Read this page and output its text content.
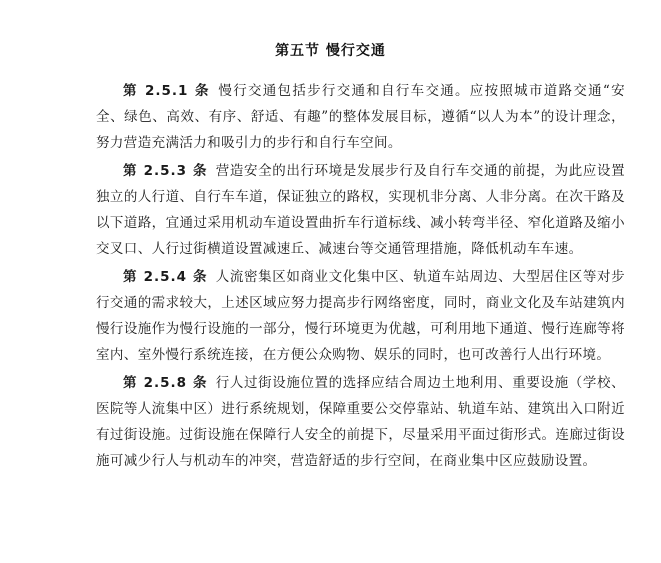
第五节 慢行交通

第 2.5.1 条 慢行交通包括步行交通和自行车交通。应按照城市道路交通“安全、绿色、高效、有序、舒适、有趣”的整体发展目标，遵循“以人为本”的设计理念，努力营造充满活力和吸引力的步行和自行车空间。

第 2.5.3 条 营造安全的出行环境是发展步行及自行车交通的前提，为此应设置独立的人行道、自行车车道，保证独立的路权，实现机非分离、人非分离。在次干路及以下道路，宜通过采用机动车道设置曲折车行道标线、减小转弯半径、窄化道路及缩小交叉口、人行过街横道设置减速丘、减速台等交通管理措施，降低机动车车速。

第 2.5.4 条 人流密集区如商业文化集中区、轨道车站周边、大型居住区等对步行交通的需求较大，上述区域应努力提高步行网络密度，同时，商业文化及车站建筑内慢行设施作为慢行设施的一部分，慢行环境更为优越，可利用地下通道、慢行连廊等将室内、室外慢行系统连接，在方便公众购物、娱乐的同时，也可改善行人出行环境。

第 2.5.8 条 行人过街设施位置的选择应结合周边土地利用、重要设施（学校、医院等人流集中区）进行系统规划，保障重要公交停靠站、轨道车站、建筑出入口附近有过街设施。过街设施在保障行人安全的前提下，尽量采用平面过街形式。连廊过街设施可减少行人与机动车的冲突，营造舒适的步行空间，在商业集中区应鼓励设置。
